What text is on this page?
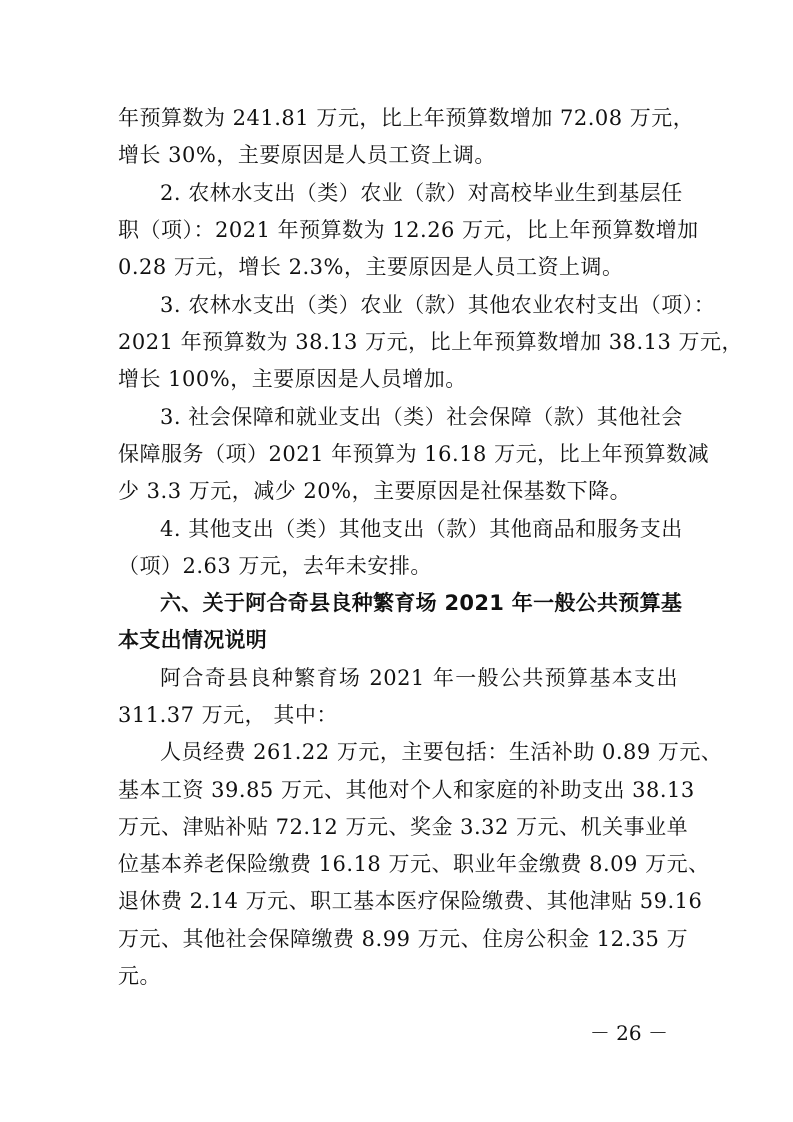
年预算数为 241.81 万元，比上年预算数增加 72.08 万元，
增长 30%，主要原因是人员工资上调。
2. 农林水支出（类）农业（款）对高校毕业生到基层任
职（项）：2021 年预算数为 12.26 万元，比上年预算数增加
0.28 万元，增长 2.3%，主要原因是人员工资上调。
3. 农林水支出（类）农业（款）其他农业农村支出（项）：
2021 年预算数为 38.13 万元，比上年预算数增加 38.13 万元，
增长 100%，主要原因是人员增加。
3. 社会保障和就业支出（类）社会保障（款）其他社会
保障服务（项）2021 年预算为 16.18 万元，比上年预算数减
少 3.3 万元，减少 20%，主要原因是社保基数下降。
4. 其他支出（类）其他支出（款）其他商品和服务支出
（项）2.63 万元，去年未安排。
六、关于阿合奇县良种繁育场 2021 年一般公共预算基
本支出情况说明
阿合奇县良种繁育场 2021 年一般公共预算基本支出
311.37 万元， 其中：
人员经费 261.22 万元，主要包括：生活补助 0.89 万元、
基本工资 39.85 万元、其他对个人和家庭的补助支出 38.13
万元、津贴补贴 72.12 万元、奖金 3.32 万元、机关事业单
位基本养老保险缴费 16.18 万元、职业年金缴费 8.09 万元、
退休费 2.14 万元、职工基本医疗保险缴费、其他津贴 59.16
万元、其他社会保障缴费 8.99 万元、住房公积金 12.35 万
元。
－ 26 －
